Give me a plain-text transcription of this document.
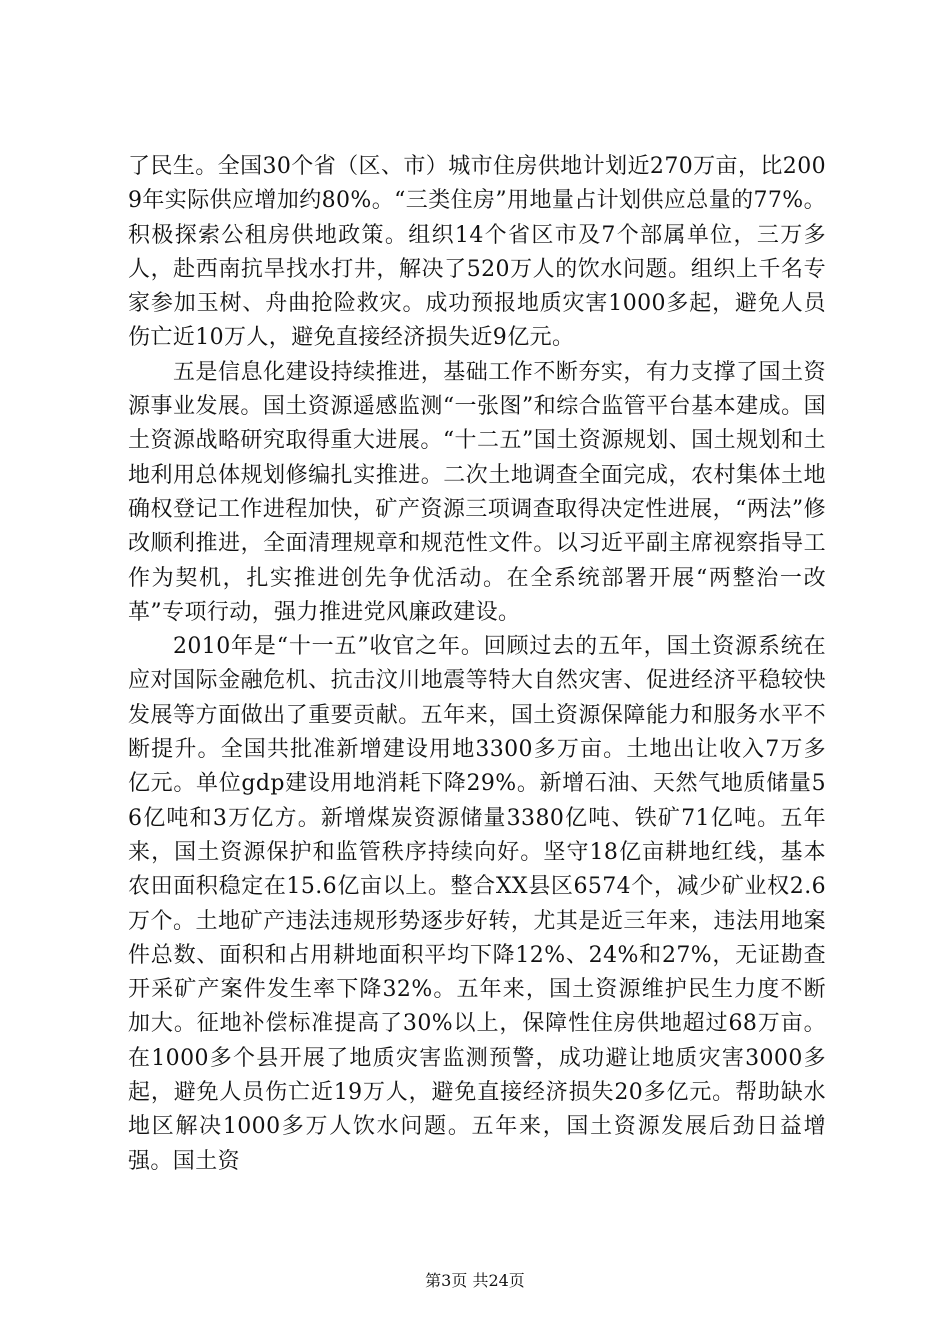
了民生。全国30个省（区、市）城市住房供地计划近270万亩，比2009年实际供应增加约80%。“三类住房”用地量占计划供应总量的77%。积极探索公租房供地政策。组织14个省区市及7个部属单位，三万多人，赴西南抗旱找水打井，解决了520万人的饮水问题。组织上千名专家参加玉树、舟曲抢险救灾。成功预报地质灾害1000多起，避免人员伤亡近10万人，避免直接经济损失近9亿元。

五是信息化建设持续推进，基础工作不断夯实，有力支撑了国土资源事业发展。国土资源遥感监测“一张图”和综合监管平台基本建成。国土资源战略研究取得重大进展。“十二五”国土资源规划、国土规划和土地利用总体规划修编扎实推进。二次土地调查全面完成，农村集体土地确权登记工作进程加快，矿产资源三项调查取得决定性进展，“两法”修改顺利推进，全面清理规章和规范性文件。以习近平副主席视察指导工作为契机，扎实推进创先争优活动。在全系统部署开展“两整治一改革”专项行动，强力推进党风廉政建设。

2010年是“十一五”收官之年。回顾过去的五年，国土资源系统在应对国际金融危机、抗击汶川地震等特大自然灾害、促进经济平稳较快发展等方面做出了重要贡献。五年来，国土资源保障能力和服务水平不断提升。全国共批准新增建设用地3300多万亩。土地出让收入7万多亿元。单位gdp建设用地消耗下降29%。新增石油、天然气地质储量56亿吨和3万亿方。新增煤炭资源储量3380亿吨、铁矿71亿吨。五年来，国土资源保护和监管秩序持续向好。坚守18亿亩耕地红线，基本农田面积稳定在15.6亿亩以上。整合XX县区6574个，减少矿业权2.6万个。土地矿产违法违规形势逐步好转，尤其是近三年来，违法用地案件总数、面积和占用耕地面积平均下降12%、24%和27%，无证勘查开采矿产案件发生率下降32%。五年来，国土资源维护民生力度不断加大。征地补偿标准提高了30%以上，保障性住房供地超过68万亩。在1000多个县开展了地质灾害监测预警，成功避让地质灾害3000多起，避免人员伤亡近19万人，避免直接经济损失20多亿元。帮助缺水地区解决1000多万人饮水问题。五年来，国土资源发展后劲日益增强。国土资

第3页 共24页
